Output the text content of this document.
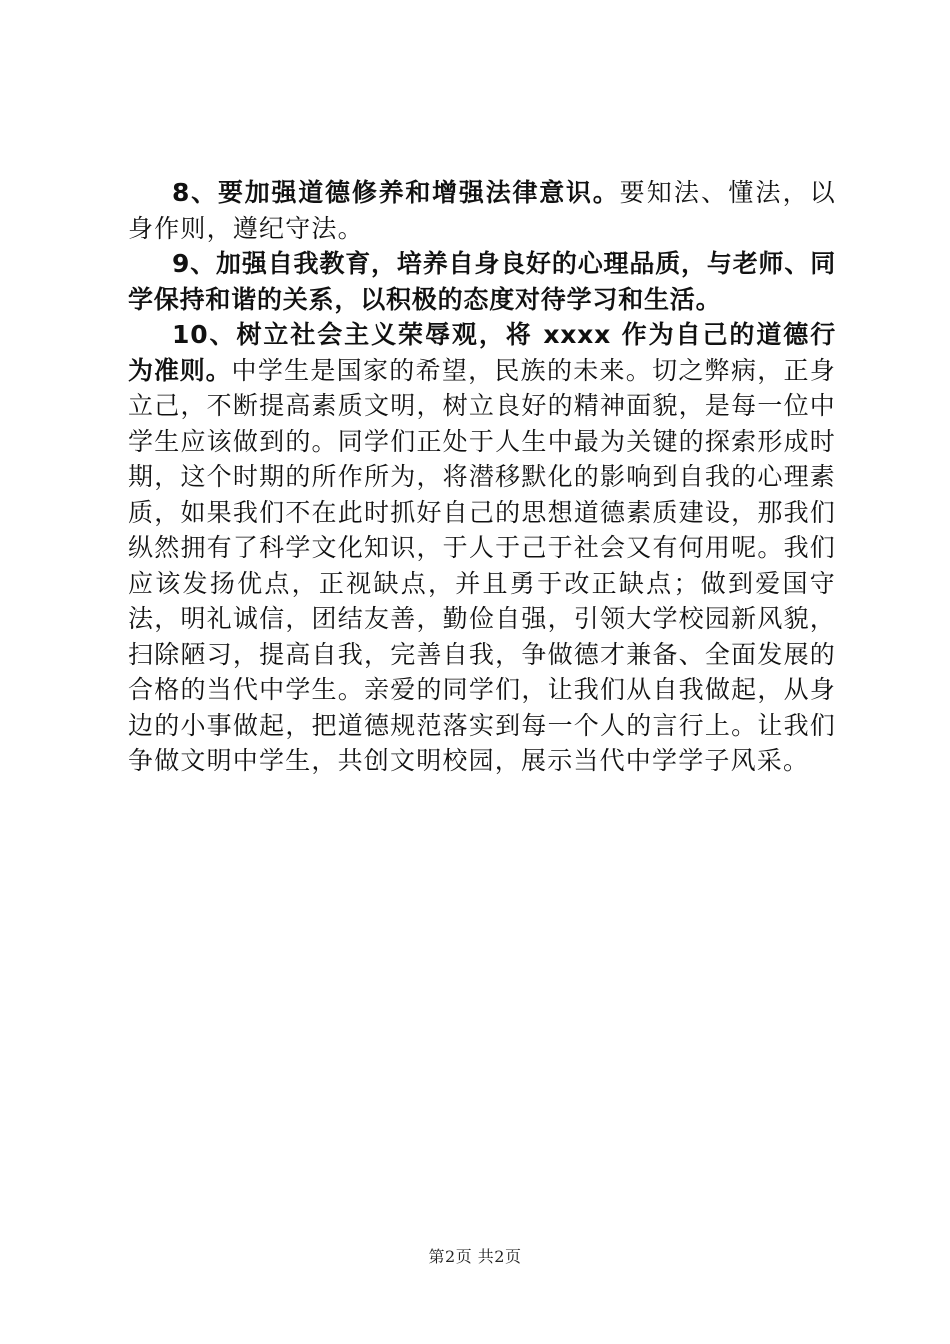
8、要加强道德修养和增强法律意识。要知法、懂法，以身作则，遵纪守法。

9、加强自我教育，培养自身良好的心理品质，与老师、同学保持和谐的关系，以积极的态度对待学习和生活。

10、树立社会主义荣辱观，将 xxxx 作为自己的道德行为准则。中学生是国家的希望，民族的未来。切之弊病，正身立己，不断提高素质文明，树立良好的精神面貌，是每一位中学生应该做到的。同学们正处于人生中最为关键的探索形成时期，这个时期的所作所为，将潜移默化的影响到自我的心理素质，如果我们不在此时抓好自己的思想道德素质建设，那我们纵然拥有了科学文化知识，于人于己于社会又有何用呢。我们应该发扬优点，正视缺点，并且勇于改正缺点；做到爱国守法，明礼诚信，团结友善，勤俭自强，引领大学校园新风貌，扫除陋习，提高自我，完善自我，争做德才兼备、全面发展的合格的当代中学生。亲爱的同学们，让我们从自我做起，从身边的小事做起，把道德规范落实到每一个人的言行上。让我们争做文明中学生，共创文明校园，展示当代中学学子风采。

第2页 共2页
